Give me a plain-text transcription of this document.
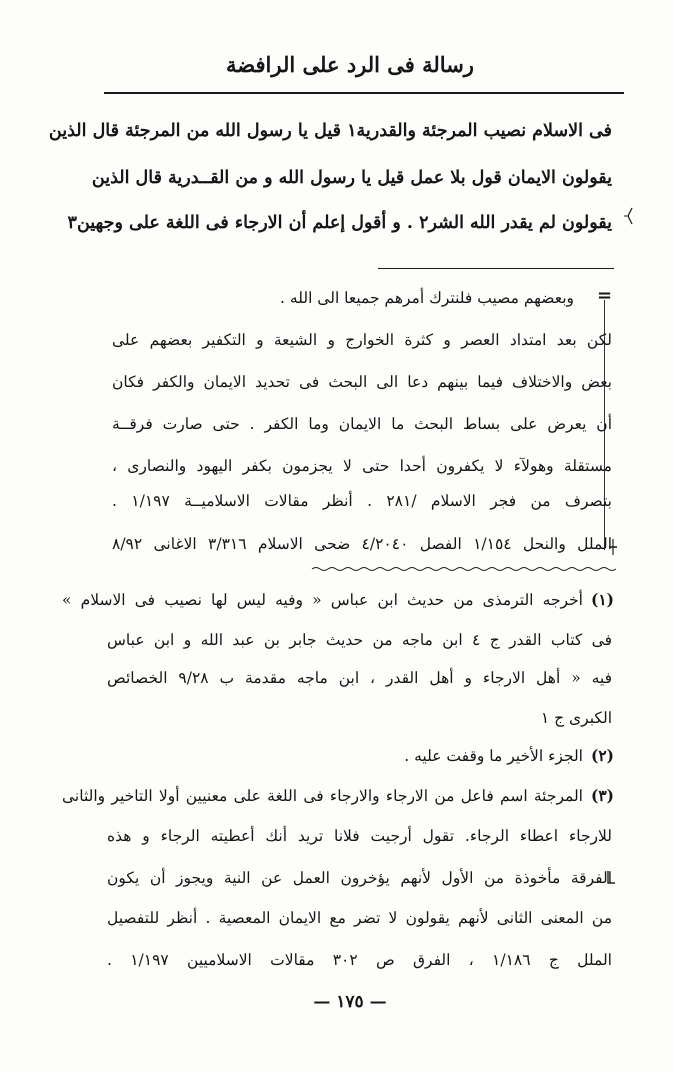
رسالة فى الرد على الرافضة
فى الاسلام نصيب المرجئة والقدرية١ قيل يا رسول الله من المرجئة قال الذين
يقولون الايمان قول بلا عمل قيل يا رسول الله و من القــدرية قال الذين
يقولون لم يقدر الله الشر٢ . و أقول إعلم أن الارجاء فى اللغة على وجهين٣
=
وبعضهم مصيب فلنترك أمرهم جميعا الى الله .
لكن بعد امتداد العصر و كثرة الخوارج و الشيعة و التكفير بعضهم على
بعض والاختلاف فيما بينهم دعا الى البحث فى تحديد الايمان والكفر فكان
أن يعرض على بساط البحث ما الايمان وما الكفر . حتى صارت فرقــة
مستقلة وهولآء لا يكفرون أحدا حتى لا يجزمون بكفر اليهود والنصارى ،
بتصرف من فجر الاسلام /٢٨١ . أنظر مقالات الاسلاميــة ١/١٩٧ .
الملل والنحل ١/١٥٤ الفصل ٤/٢٠٤٠ ضحى الاسلام ٣/٣١٦ الاغانى ٨/٩٢
(١)أخرجه الترمذى من حديث ابن عباس « وفيه ليس لها نصيب فى الاسلام »
فى كتاب القدر ج ٤ ابن ماجه من حديث جابر بن عبد الله و ابن عباس
فيه « أهل الارجاء و أهل القدر ، ابن ماجه مقدمة ب ٩/٢٨ الخصائص
الكبرى ج ١
(٢)الجزء الأخير ما وقفت عليه .
(٣)المرجئة اسم فاعل من الارجاء والارجاء فى اللغة على معنيين أولا التاخير والثانى
للارجاء اعطاء الرجاء. تقول أرجيت فلانا تريد أنك أعطيته الرجاء و هذه
الفرقة مأخوذة من الأول لأنهم يؤخرون العمل عن النية ويجوز أن يكون
من المعنى الثانى لأنهم يقولون لا تضر مع الايمان المعصية . أنظر للتفصيل
الملل ج ١/١٨٦ ، الفرق ص ٣٠٢ مقالات الاسلاميين ١/١٩٧ .
— ١٧٥ —
